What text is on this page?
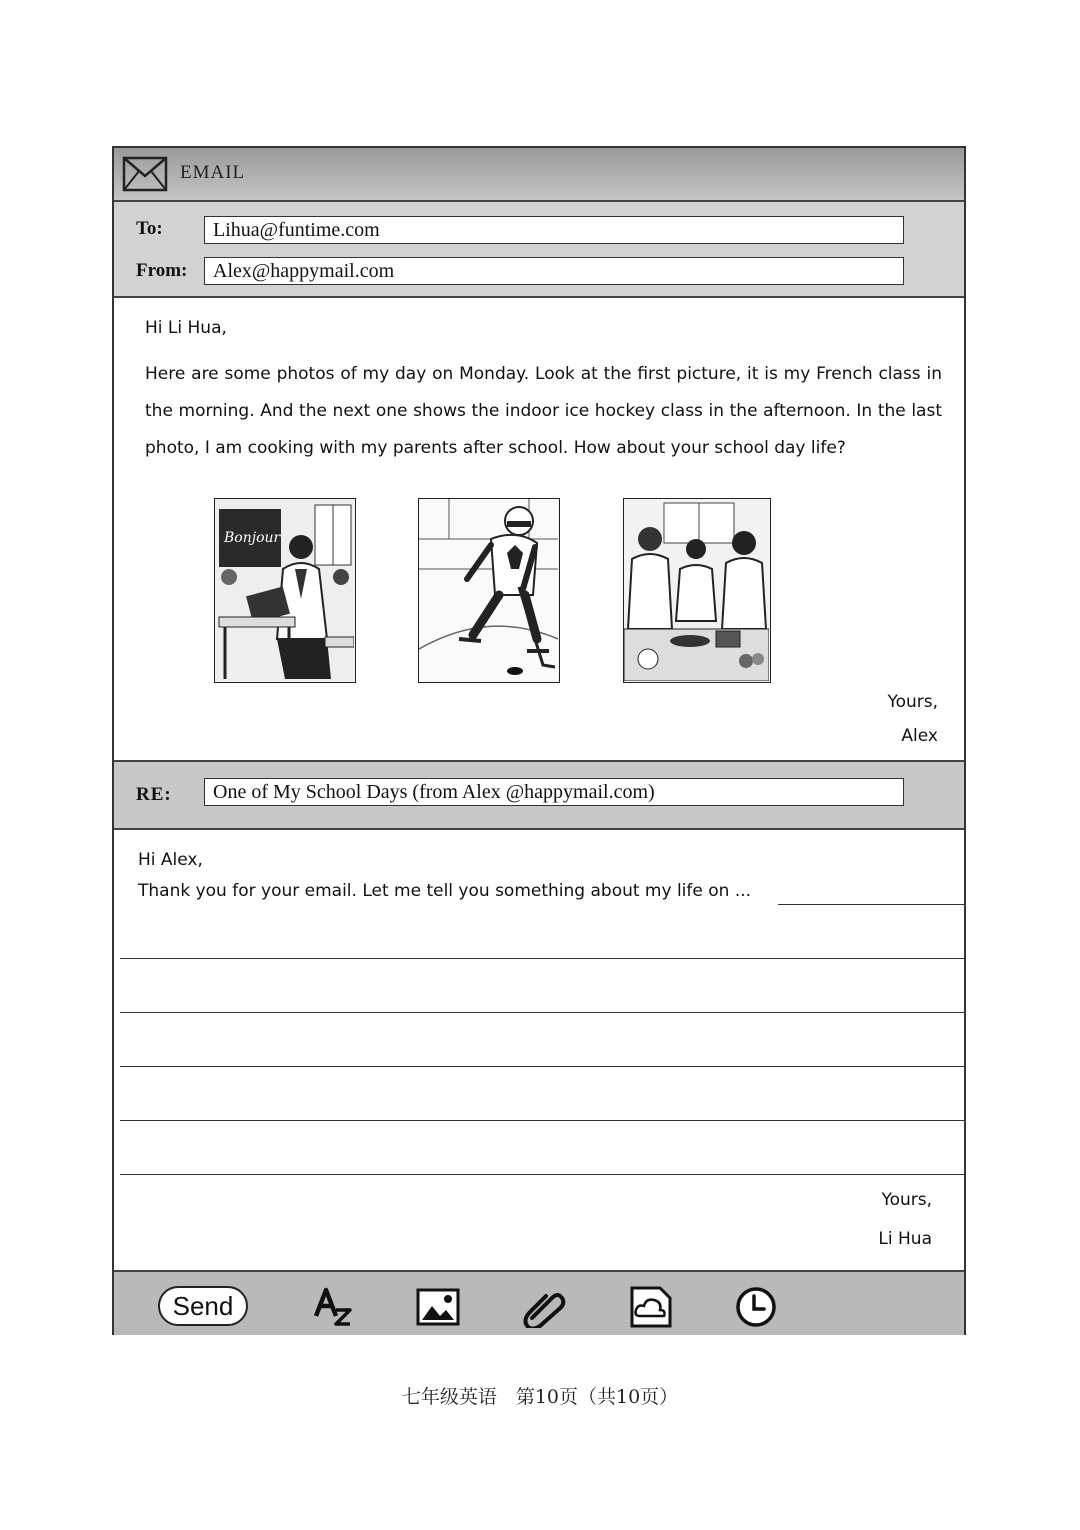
EMAIL
To:	Lihua@funtime.com
From:	Alex@happymail.com
Hi Li Hua,

Here are some photos of my day on Monday. Look at the first picture, it is my French class in the morning. And the next one shows the indoor ice hockey class in the afternoon. In the last photo, I am cooking with my parents after school. How about your school day life?

Bonjour
Yours,
Alex
RE:	One of My School Days (from Alex @happymail.com)
Hi Alex,
Thank you for your email. Let me tell you something about my life on ...
Yours,
Li Hua
Send
七年级英语　第10页（共10页）
